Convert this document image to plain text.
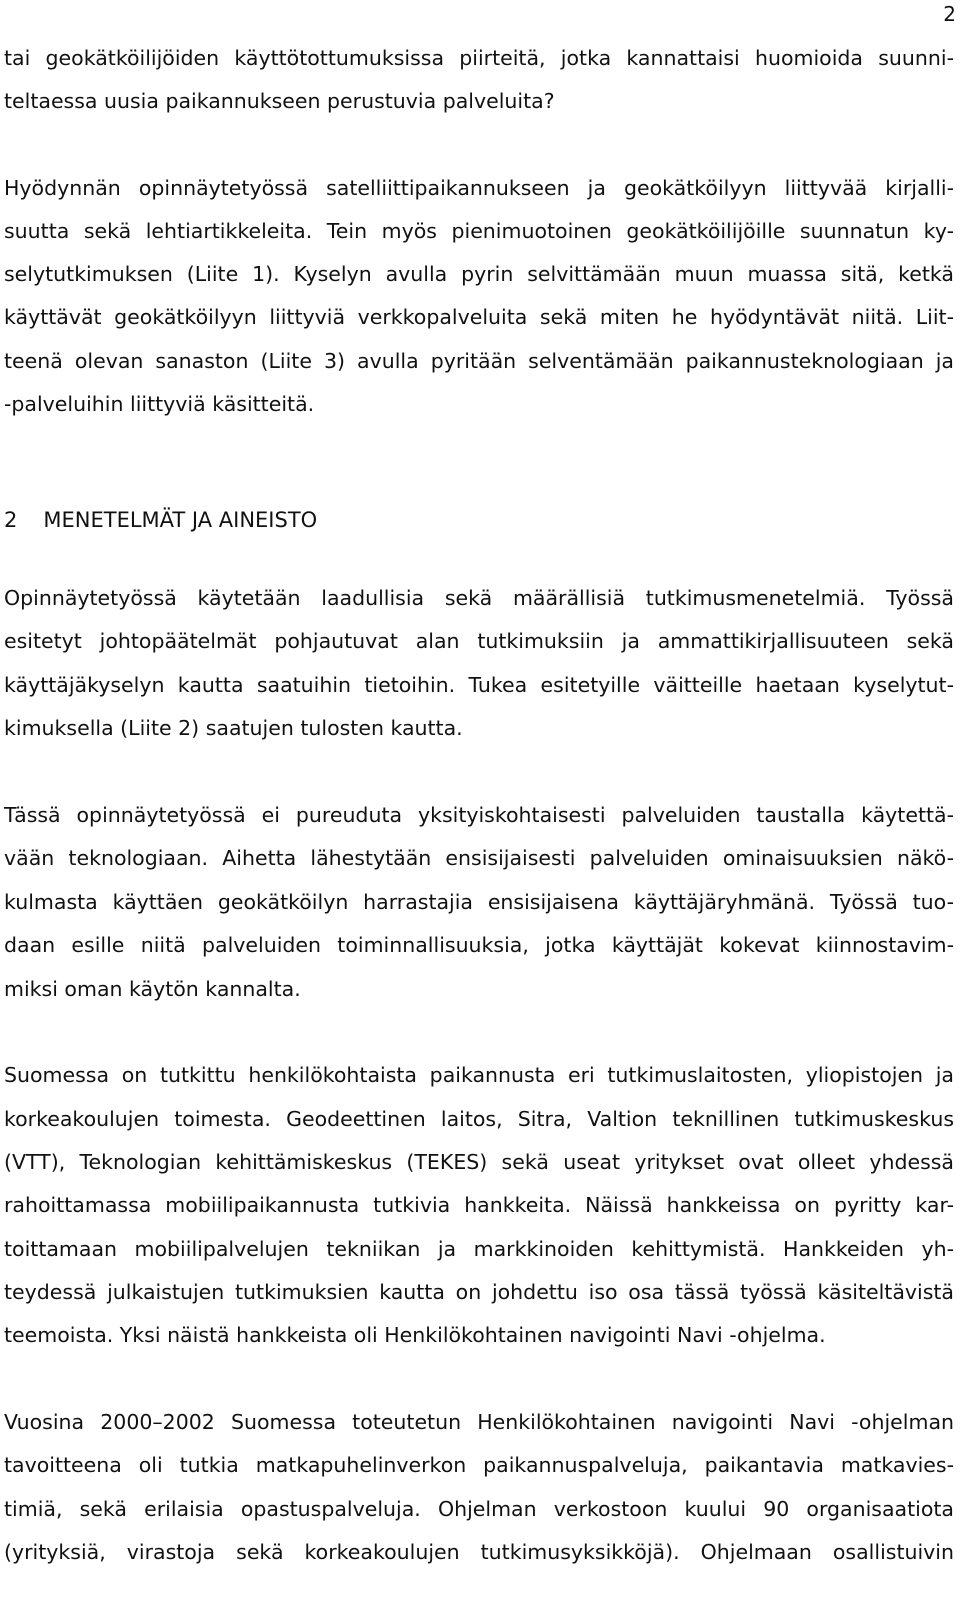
2
tai geokätköilijöiden käyttötottumuksissa piirteitä, jotka kannattaisi huomioida suunni-
teltaessa uusia paikannukseen perustuvia palveluita?
Hyödynnän opinnäytetyössä satelliittipaikannukseen ja geokätköilyyn liittyvää kirjalli-
suutta sekä lehtiartikkeleita. Tein myös pienimuotoinen geokätköilijöille suunnatun ky-
selytutkimuksen (Liite 1). Kyselyn avulla pyrin selvittämään muun muassa sitä, ketkä
käyttävät geokätköilyyn liittyviä verkkopalveluita sekä miten he hyödyntävät niitä. Liit-
teenä olevan sanaston (Liite 3) avulla pyritään selventämään paikannusteknologiaan ja
-palveluihin liittyviä käsitteitä.
2 MENETELMÄT JA AINEISTO
Opinnäytetyössä käytetään laadullisia sekä määrällisiä tutkimusmenetelmiä. Työssä
esitetyt johtopäätelmät pohjautuvat alan tutkimuksiin ja ammattikirjallisuuteen sekä
käyttäjäkyselyn kautta saatuihin tietoihin. Tukea esitetyille väitteille haetaan kyselytut-
kimuksella (Liite 2) saatujen tulosten kautta.
Tässä opinnäytetyössä ei pureuduta yksityiskohtaisesti palveluiden taustalla käytettä-
vään teknologiaan. Aihetta lähestytään ensisijaisesti palveluiden ominaisuuksien näkö-
kulmasta käyttäen geokätköilyn harrastajia ensisijaisena käyttäjäryhmänä. Työssä tuo-
daan esille niitä palveluiden toiminnallisuuksia, jotka käyttäjät kokevat kiinnostavim-
miksi oman käytön kannalta.
Suomessa on tutkittu henkilökohtaista paikannusta eri tutkimuslaitosten, yliopistojen ja
korkeakoulujen toimesta. Geodeettinen laitos, Sitra, Valtion teknillinen tutkimuskeskus
(VTT), Teknologian kehittämiskeskus (TEKES) sekä useat yritykset ovat olleet yhdessä
rahoittamassa mobiilipaikannusta tutkivia hankkeita. Näissä hankkeissa on pyritty kar-
toittamaan mobiilipalvelujen tekniikan ja markkinoiden kehittymistä. Hankkeiden yh-
teydessä julkaistujen tutkimuksien kautta on johdettu iso osa tässä työssä käsiteltävistä
teemoista. Yksi näistä hankkeista oli Henkilökohtainen navigointi Navi -ohjelma.
Vuosina 2000–2002 Suomessa toteutetun Henkilökohtainen navigointi Navi -ohjelman
tavoitteena oli tutkia matkapuhelinverkon paikannuspalveluja, paikantavia matkavies-
timiä, sekä erilaisia opastuspalveluja. Ohjelman verkostoon kuului 90 organisaatiota
(yrityksiä, virastoja sekä korkeakoulujen tutkimusyksikköjä). Ohjelmaan osallistuivin
